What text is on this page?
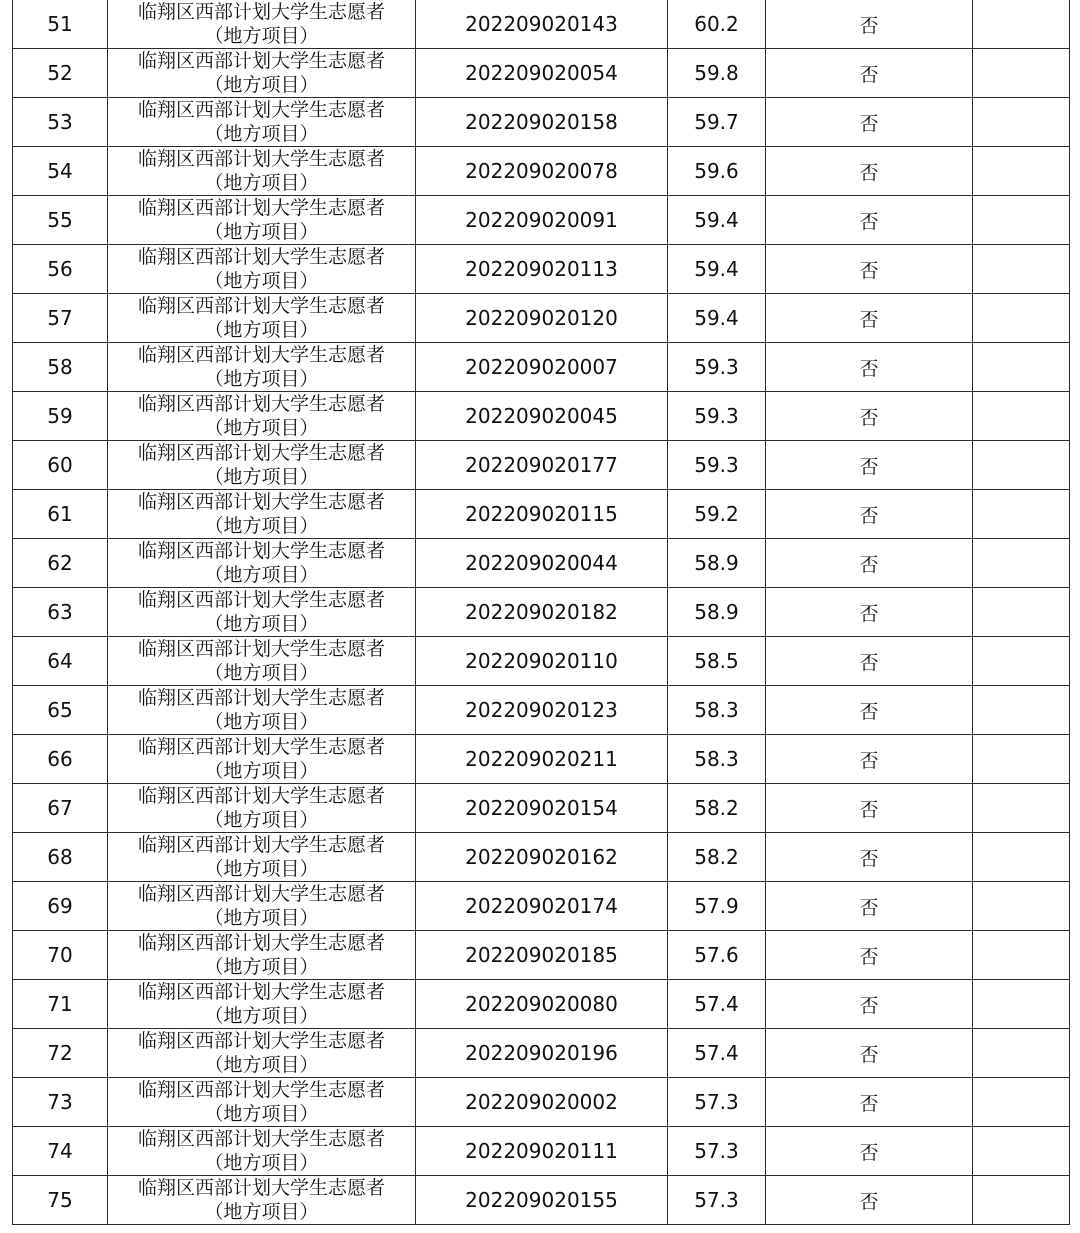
51	临翔区西部计划大学生志愿者
（地方项目）	202209020143	60.2	否	
52	临翔区西部计划大学生志愿者
（地方项目）	202209020054	59.8	否	
53	临翔区西部计划大学生志愿者
（地方项目）	202209020158	59.7	否	
54	临翔区西部计划大学生志愿者
（地方项目）	202209020078	59.6	否	
55	临翔区西部计划大学生志愿者
（地方项目）	202209020091	59.4	否	
56	临翔区西部计划大学生志愿者
（地方项目）	202209020113	59.4	否	
57	临翔区西部计划大学生志愿者
（地方项目）	202209020120	59.4	否	
58	临翔区西部计划大学生志愿者
（地方项目）	202209020007	59.3	否	
59	临翔区西部计划大学生志愿者
（地方项目）	202209020045	59.3	否	
60	临翔区西部计划大学生志愿者
（地方项目）	202209020177	59.3	否	
61	临翔区西部计划大学生志愿者
（地方项目）	202209020115	59.2	否	
62	临翔区西部计划大学生志愿者
（地方项目）	202209020044	58.9	否	
63	临翔区西部计划大学生志愿者
（地方项目）	202209020182	58.9	否	
64	临翔区西部计划大学生志愿者
（地方项目）	202209020110	58.5	否	
65	临翔区西部计划大学生志愿者
（地方项目）	202209020123	58.3	否	
66	临翔区西部计划大学生志愿者
（地方项目）	202209020211	58.3	否	
67	临翔区西部计划大学生志愿者
（地方项目）	202209020154	58.2	否	
68	临翔区西部计划大学生志愿者
（地方项目）	202209020162	58.2	否	
69	临翔区西部计划大学生志愿者
（地方项目）	202209020174	57.9	否	
70	临翔区西部计划大学生志愿者
（地方项目）	202209020185	57.6	否	
71	临翔区西部计划大学生志愿者
（地方项目）	202209020080	57.4	否	
72	临翔区西部计划大学生志愿者
（地方项目）	202209020196	57.4	否	
73	临翔区西部计划大学生志愿者
（地方项目）	202209020002	57.3	否	
74	临翔区西部计划大学生志愿者
（地方项目）	202209020111	57.3	否	
75	临翔区西部计划大学生志愿者
（地方项目）	202209020155	57.3	否	
